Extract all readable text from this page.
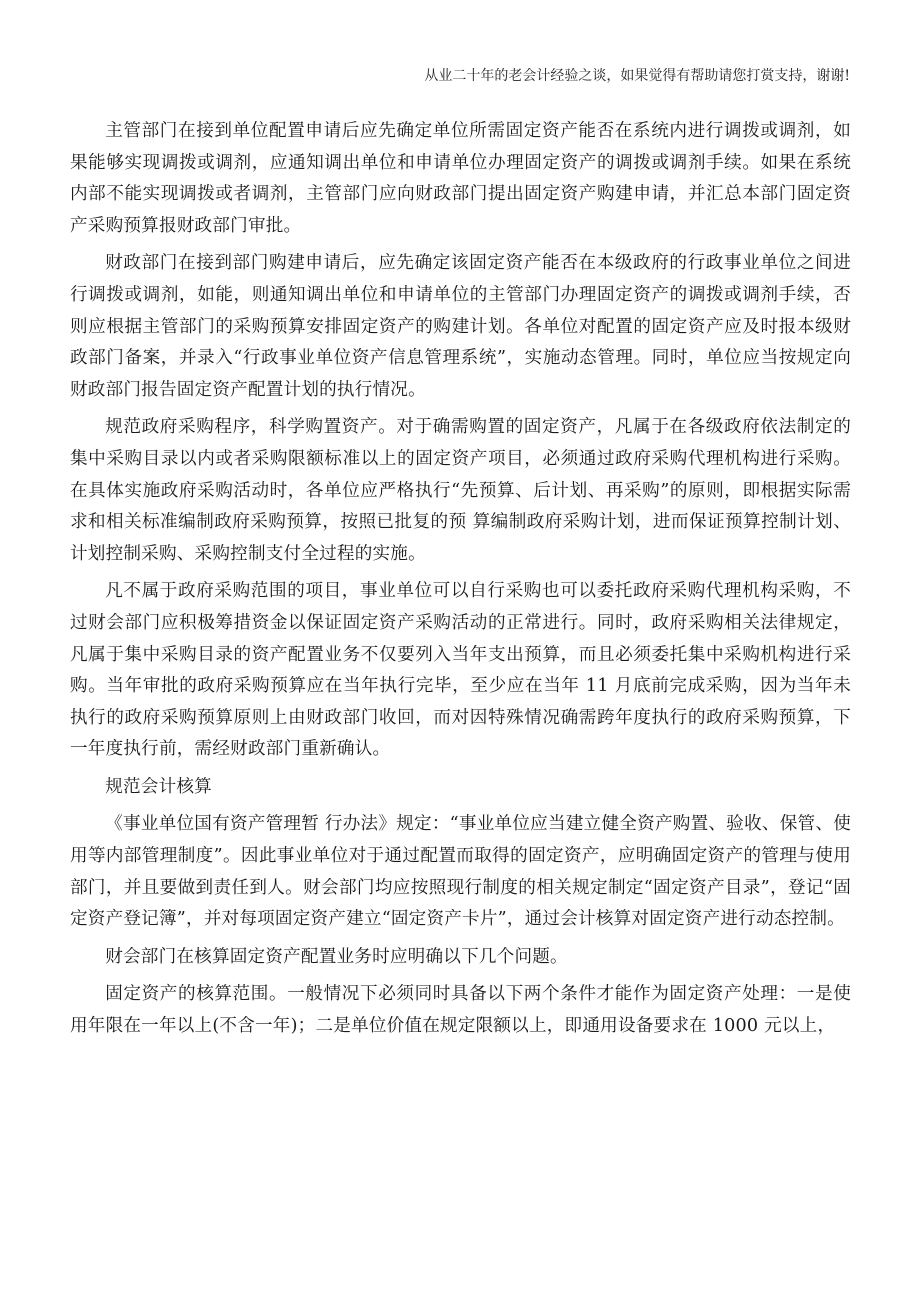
从业二十年的老会计经验之谈，如果觉得有帮助请您打赏支持，谢谢!

主管部门在接到单位配置申请后应先确定单位所需固定资产能否在系统内进行调拨或调剂，如果能够实现调拨或调剂，应通知调出单位和申请单位办理固定资产的调拨或调剂手续。如果在系统内部不能实现调拨或者调剂，主管部门应向财政部门提出固定资产购建申请，并汇总本部门固定资产采购预算报财政部门审批。

财政部门在接到部门购建申请后，应先确定该固定资产能否在本级政府的行政事业单位之间进行调拨或调剂，如能，则通知调出单位和申请单位的主管部门办理固定资产的调拨或调剂手续，否则应根据主管部门的采购预算安排固定资产的购建计划。各单位对配置的固定资产应及时报本级财政部门备案，并录入“行政事业单位资产信息管理系统”，实施动态管理。同时，单位应当按规定向财政部门报告固定资产配置计划的执行情况。

规范政府采购程序，科学购置资产。对于确需购置的固定资产，凡属于在各级政府依法制定的集中采购目录以内或者采购限额标准以上的固定资产项目，必须通过政府采购代理机构进行采购。在具体实施政府采购活动时，各单位应严格执行“先预算、后计划、再采购”的原则，即根据实际需求和相关标准编制政府采购预算，按照已批复的预 算编制政府采购计划，进而保证预算控制计划、计划控制采购、采购控制支付全过程的实施。

凡不属于政府采购范围的项目，事业单位可以自行采购也可以委托政府采购代理机构采购，不过财会部门应积极筹措资金以保证固定资产采购活动的正常进行。同时，政府采购相关法律规定，凡属于集中采购目录的资产配置业务不仅要列入当年支出预算，而且必须委托集中采购机构进行采购。当年审批的政府采购预算应在当年执行完毕，至少应在当年 11 月底前完成采购，因为当年未执行的政府采购预算原则上由财政部门收回，而对因特殊情况确需跨年度执行的政府采购预算，下一年度执行前，需经财政部门重新确认。

规范会计核算

《事业单位国有资产管理暂 行办法》规定：“事业单位应当建立健全资产购置、验收、保管、使用等内部管理制度”。因此事业单位对于通过配置而取得的固定资产，应明确固定资产的管理与使用部门，并且要做到责任到人。财会部门均应按照现行制度的相关规定制定“固定资产目录”，登记“固定资产登记簿”，并对每项固定资产建立“固定资产卡片”，通过会计核算对固定资产进行动态控制。

财会部门在核算固定资产配置业务时应明确以下几个问题。

固定资产的核算范围。一般情况下必须同时具备以下两个条件才能作为固定资产处理：一是使用年限在一年以上(不含一年)；二是单位价值在规定限额以上，即通用设备要求在 1000 元以上，
